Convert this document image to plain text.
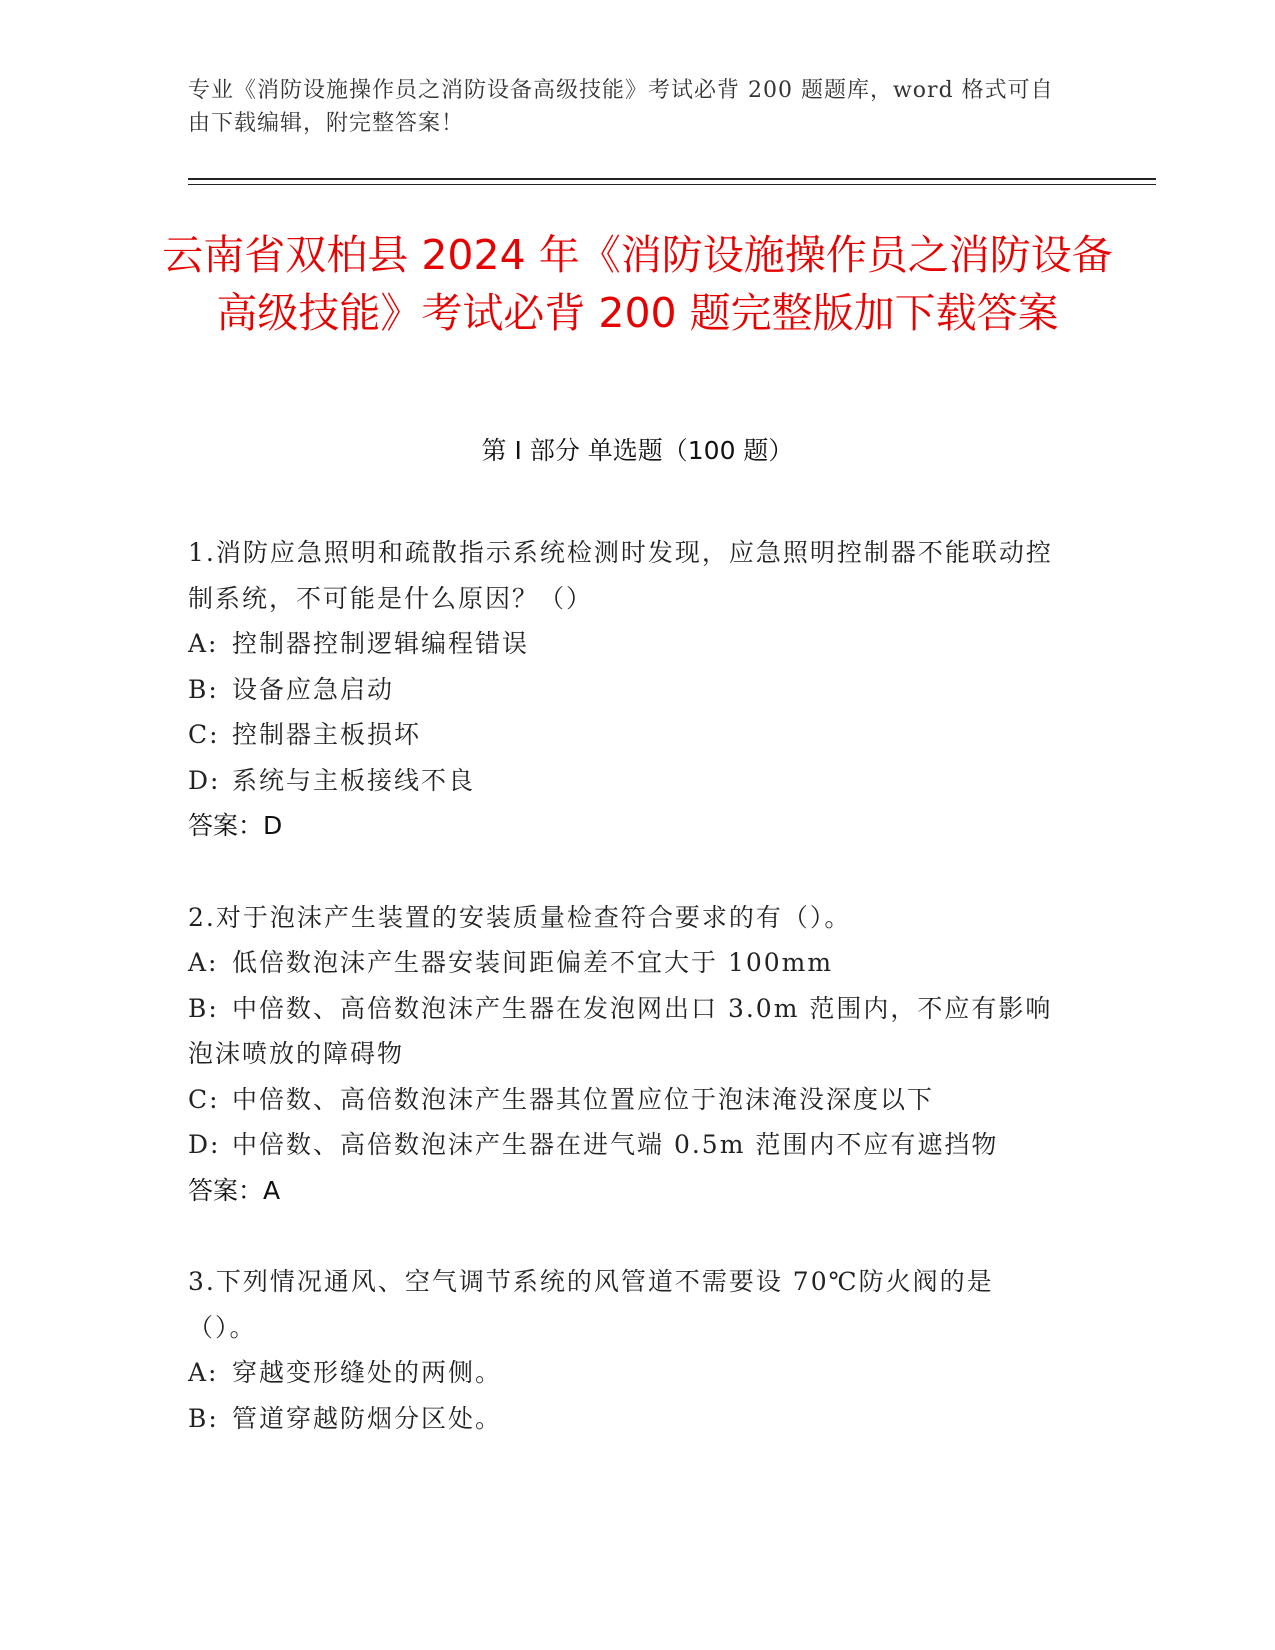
专业《消防设施操作员之消防设备高级技能》考试必背 200 题题库，word 格式可自由下载编辑，附完整答案！
云南省双柏县 2024 年《消防设施操作员之消防设备高级技能》考试必背 200 题完整版加下载答案
第 I 部分 单选题（100 题）

1.消防应急照明和疏散指示系统检测时发现，应急照明控制器不能联动控制系统，不可能是什么原因？（）

A: 控制器控制逻辑编程错误

B: 设备应急启动

C: 控制器主板损坏

D: 系统与主板接线不良

答案：D

2.对于泡沫产生装置的安装质量检查符合要求的有（）。

A: 低倍数泡沫产生器安装间距偏差不宜大于 100mm

B: 中倍数、高倍数泡沫产生器在发泡网出口 3.0m 范围内，不应有影响泡沫喷放的障碍物

C: 中倍数、高倍数泡沫产生器其位置应位于泡沫淹没深度以下

D: 中倍数、高倍数泡沫产生器在进气端 0.5m 范围内不应有遮挡物

答案：A

3.下列情况通风、空气调节系统的风管道不需要设 70℃防火阀的是（）。

A: 穿越变形缝处的两侧。

B: 管道穿越防烟分区处。
